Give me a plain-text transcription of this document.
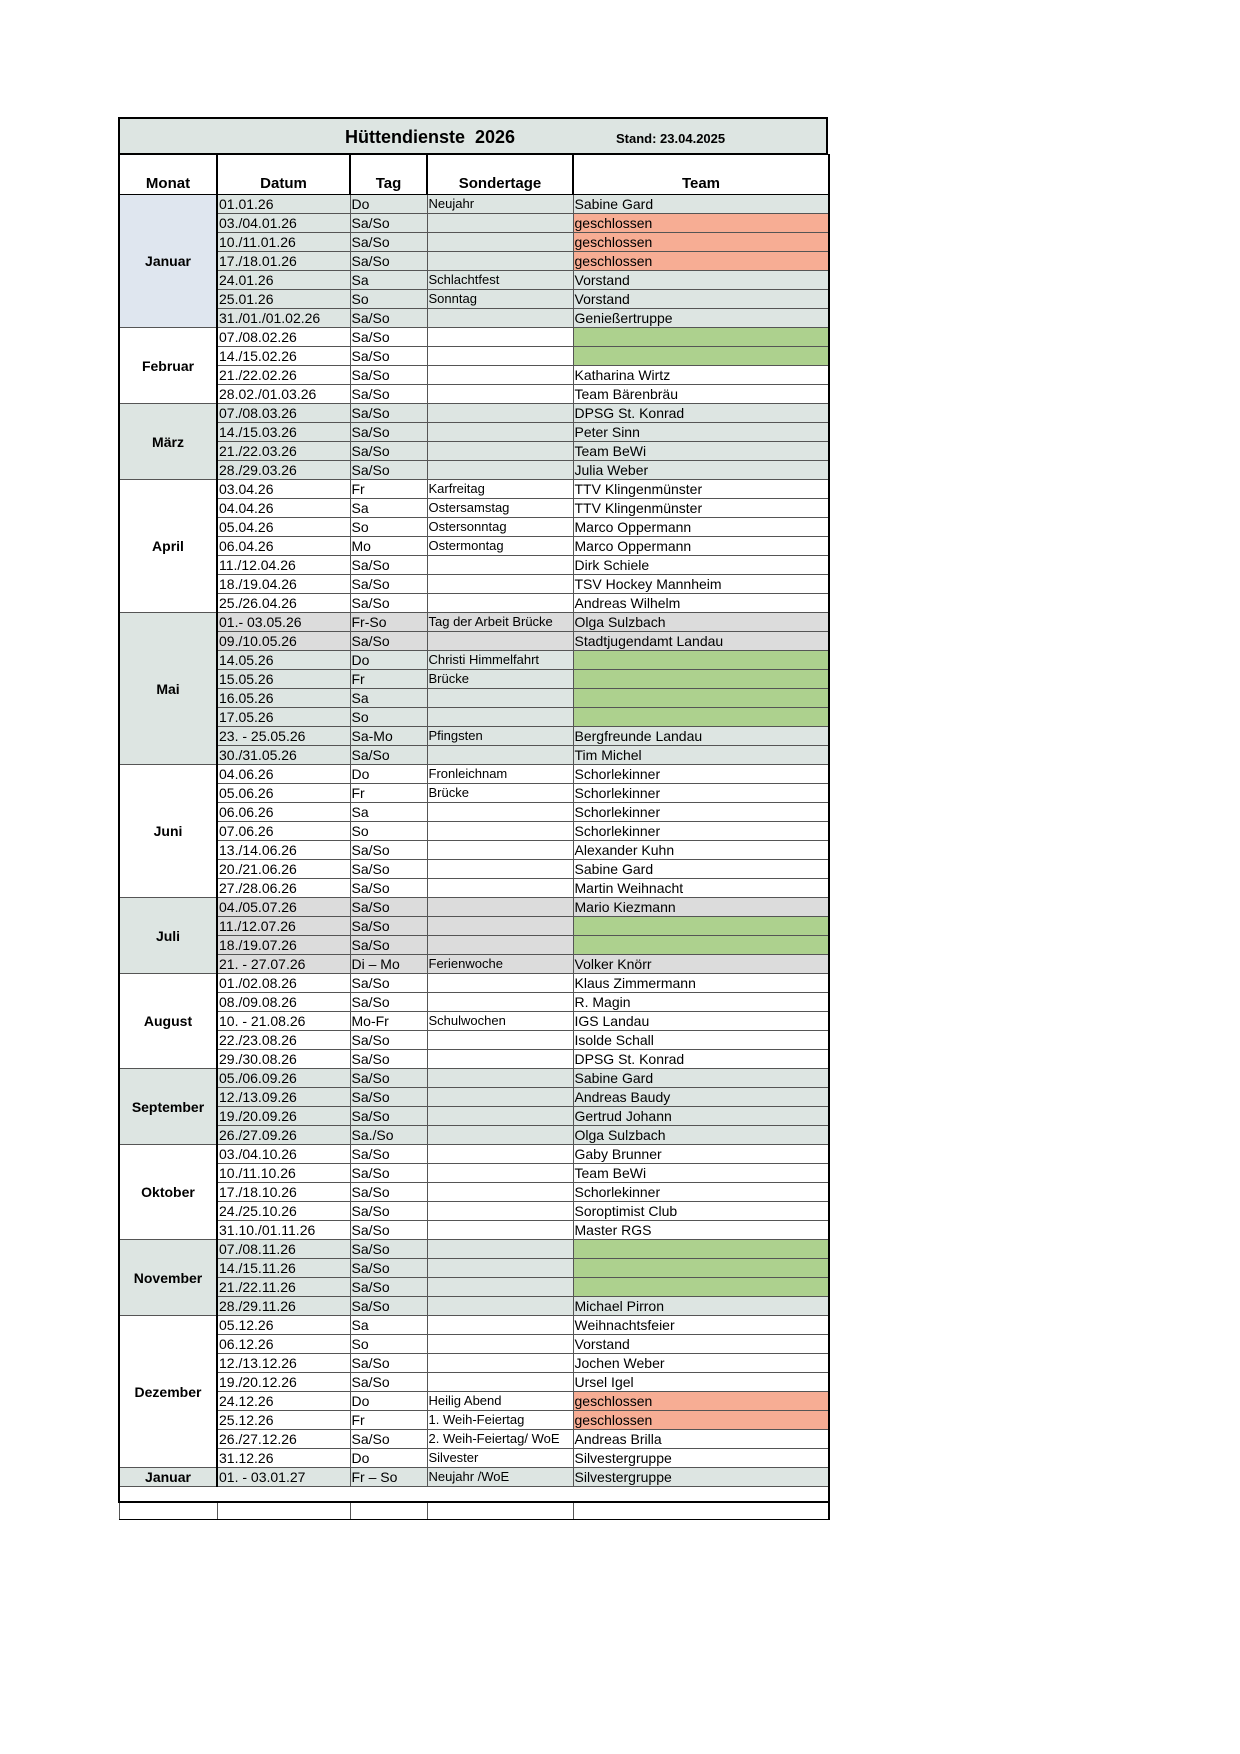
Hüttendienste  2026	Stand: 23.04.2025
Monat	Datum	Tag	Sondertage	Team
Januar	01.01.26	Do	Neujahr	Sabine Gard
	03./04.01.26	Sa/So		geschlossen
	10./11.01.26	Sa/So		geschlossen
	17./18.01.26	Sa/So		geschlossen
	24.01.26	Sa	Schlachtfest	Vorstand
	25.01.26	So	Sonntag	Vorstand
	31./01./01.02.26	Sa/So		Genießertruppe
Februar	07./08.02.26	Sa/So		
	14./15.02.26	Sa/So		
	21./22.02.26	Sa/So		Katharina Wirtz
	28.02./01.03.26	Sa/So		Team Bärenbräu
März	07./08.03.26	Sa/So		DPSG St. Konrad
	14./15.03.26	Sa/So		Peter Sinn
	21./22.03.26	Sa/So		Team BeWi
	28./29.03.26	Sa/So		Julia Weber
April	03.04.26	Fr	Karfreitag	TTV Klingenmünster
	04.04.26	Sa	Ostersamstag	TTV Klingenmünster
	05.04.26	So	Ostersonntag	Marco Oppermann
	06.04.26	Mo	Ostermontag	Marco Oppermann
	11./12.04.26	Sa/So		Dirk Schiele
	18./19.04.26	Sa/So		TSV Hockey Mannheim
	25./26.04.26	Sa/So		Andreas Wilhelm
Mai	01.- 03.05.26	Fr-So	Tag der Arbeit Brücke	Olga Sulzbach
	09./10.05.26	Sa/So		Stadtjugendamt Landau
	14.05.26	Do	Christi Himmelfahrt	
	15.05.26	Fr	Brücke	
	16.05.26	Sa		
	17.05.26	So		
	23. - 25.05.26	Sa-Mo	Pfingsten	Bergfreunde Landau
	30./31.05.26	Sa/So		Tim Michel
Juni	04.06.26	Do	Fronleichnam	Schorlekinner
	05.06.26	Fr	Brücke	Schorlekinner
	06.06.26	Sa		Schorlekinner
	07.06.26	So		Schorlekinner
	13./14.06.26	Sa/So		Alexander Kuhn
	20./21.06.26	Sa/So		Sabine Gard
	27./28.06.26	Sa/So		Martin Weihnacht
Juli	04./05.07.26	Sa/So		Mario Kiezmann
	11./12.07.26	Sa/So		
	18./19.07.26	Sa/So		
	21. - 27.07.26	Di – Mo	Ferienwoche	Volker Knörr
August	01./02.08.26	Sa/So		Klaus Zimmermann
	08./09.08.26	Sa/So		R. Magin
	10. - 21.08.26	Mo-Fr	Schulwochen	IGS Landau
	22./23.08.26	Sa/So		Isolde Schall
	29./30.08.26	Sa/So		DPSG St. Konrad
September	05./06.09.26	Sa/So		Sabine Gard
	12./13.09.26	Sa/So		Andreas Baudy
	19./20.09.26	Sa/So		Gertrud Johann
	26./27.09.26	Sa./So		Olga Sulzbach
Oktober	03./04.10.26	Sa/So		Gaby Brunner
	10./11.10.26	Sa/So		Team BeWi
	17./18.10.26	Sa/So		Schorlekinner
	24./25.10.26	Sa/So		Soroptimist Club
	31.10./01.11.26	Sa/So		Master RGS
November	07./08.11.26	Sa/So		
	14./15.11.26	Sa/So		
	21./22.11.26	Sa/So		
	28./29.11.26	Sa/So		Michael Pirron
Dezember	05.12.26	Sa		Weihnachtsfeier
	06.12.26	So		Vorstand
	12./13.12.26	Sa/So		Jochen Weber
	19./20.12.26	Sa/So		Ursel Igel
	24.12.26	Do	Heilig Abend	geschlossen
	25.12.26	Fr	1. Weih-Feiertag	geschlossen
	26./27.12.26	Sa/So	2. Weih-Feiertag/ WoE	Andreas Brilla
	31.12.26	Do	Silvester	Silvestergruppe
Januar	01. - 03.01.27	Fr – So	Neujahr /WoE	Silvestergruppe
